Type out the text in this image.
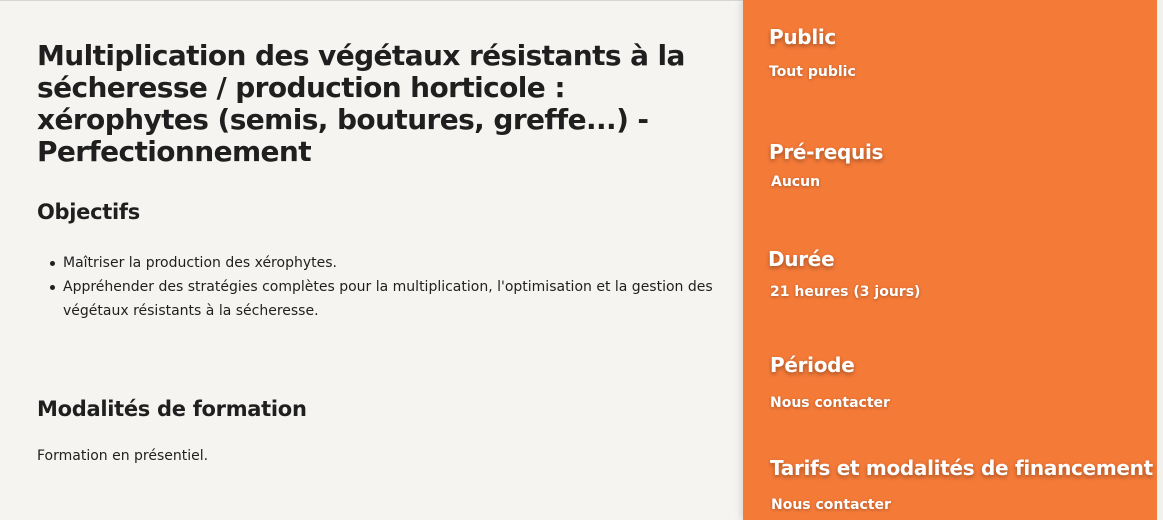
Multiplication des végétaux résistants à la sécheresse / production horticole : xérophytes (semis, boutures, greffe...) - Perfectionnement
Objectifs
Maîtriser la production des xérophytes.
Appréhender des stratégies complètes pour la multiplication, l'optimisation et la gestion des végétaux résistants à la sécheresse.
Modalités de formation

Formation en présentiel.

Public
Tout public
Pré-requis
Aucun
Durée
21 heures (3 jours)
Période
Nous contacter
Tarifs et modalités de financement
Nous contacter
